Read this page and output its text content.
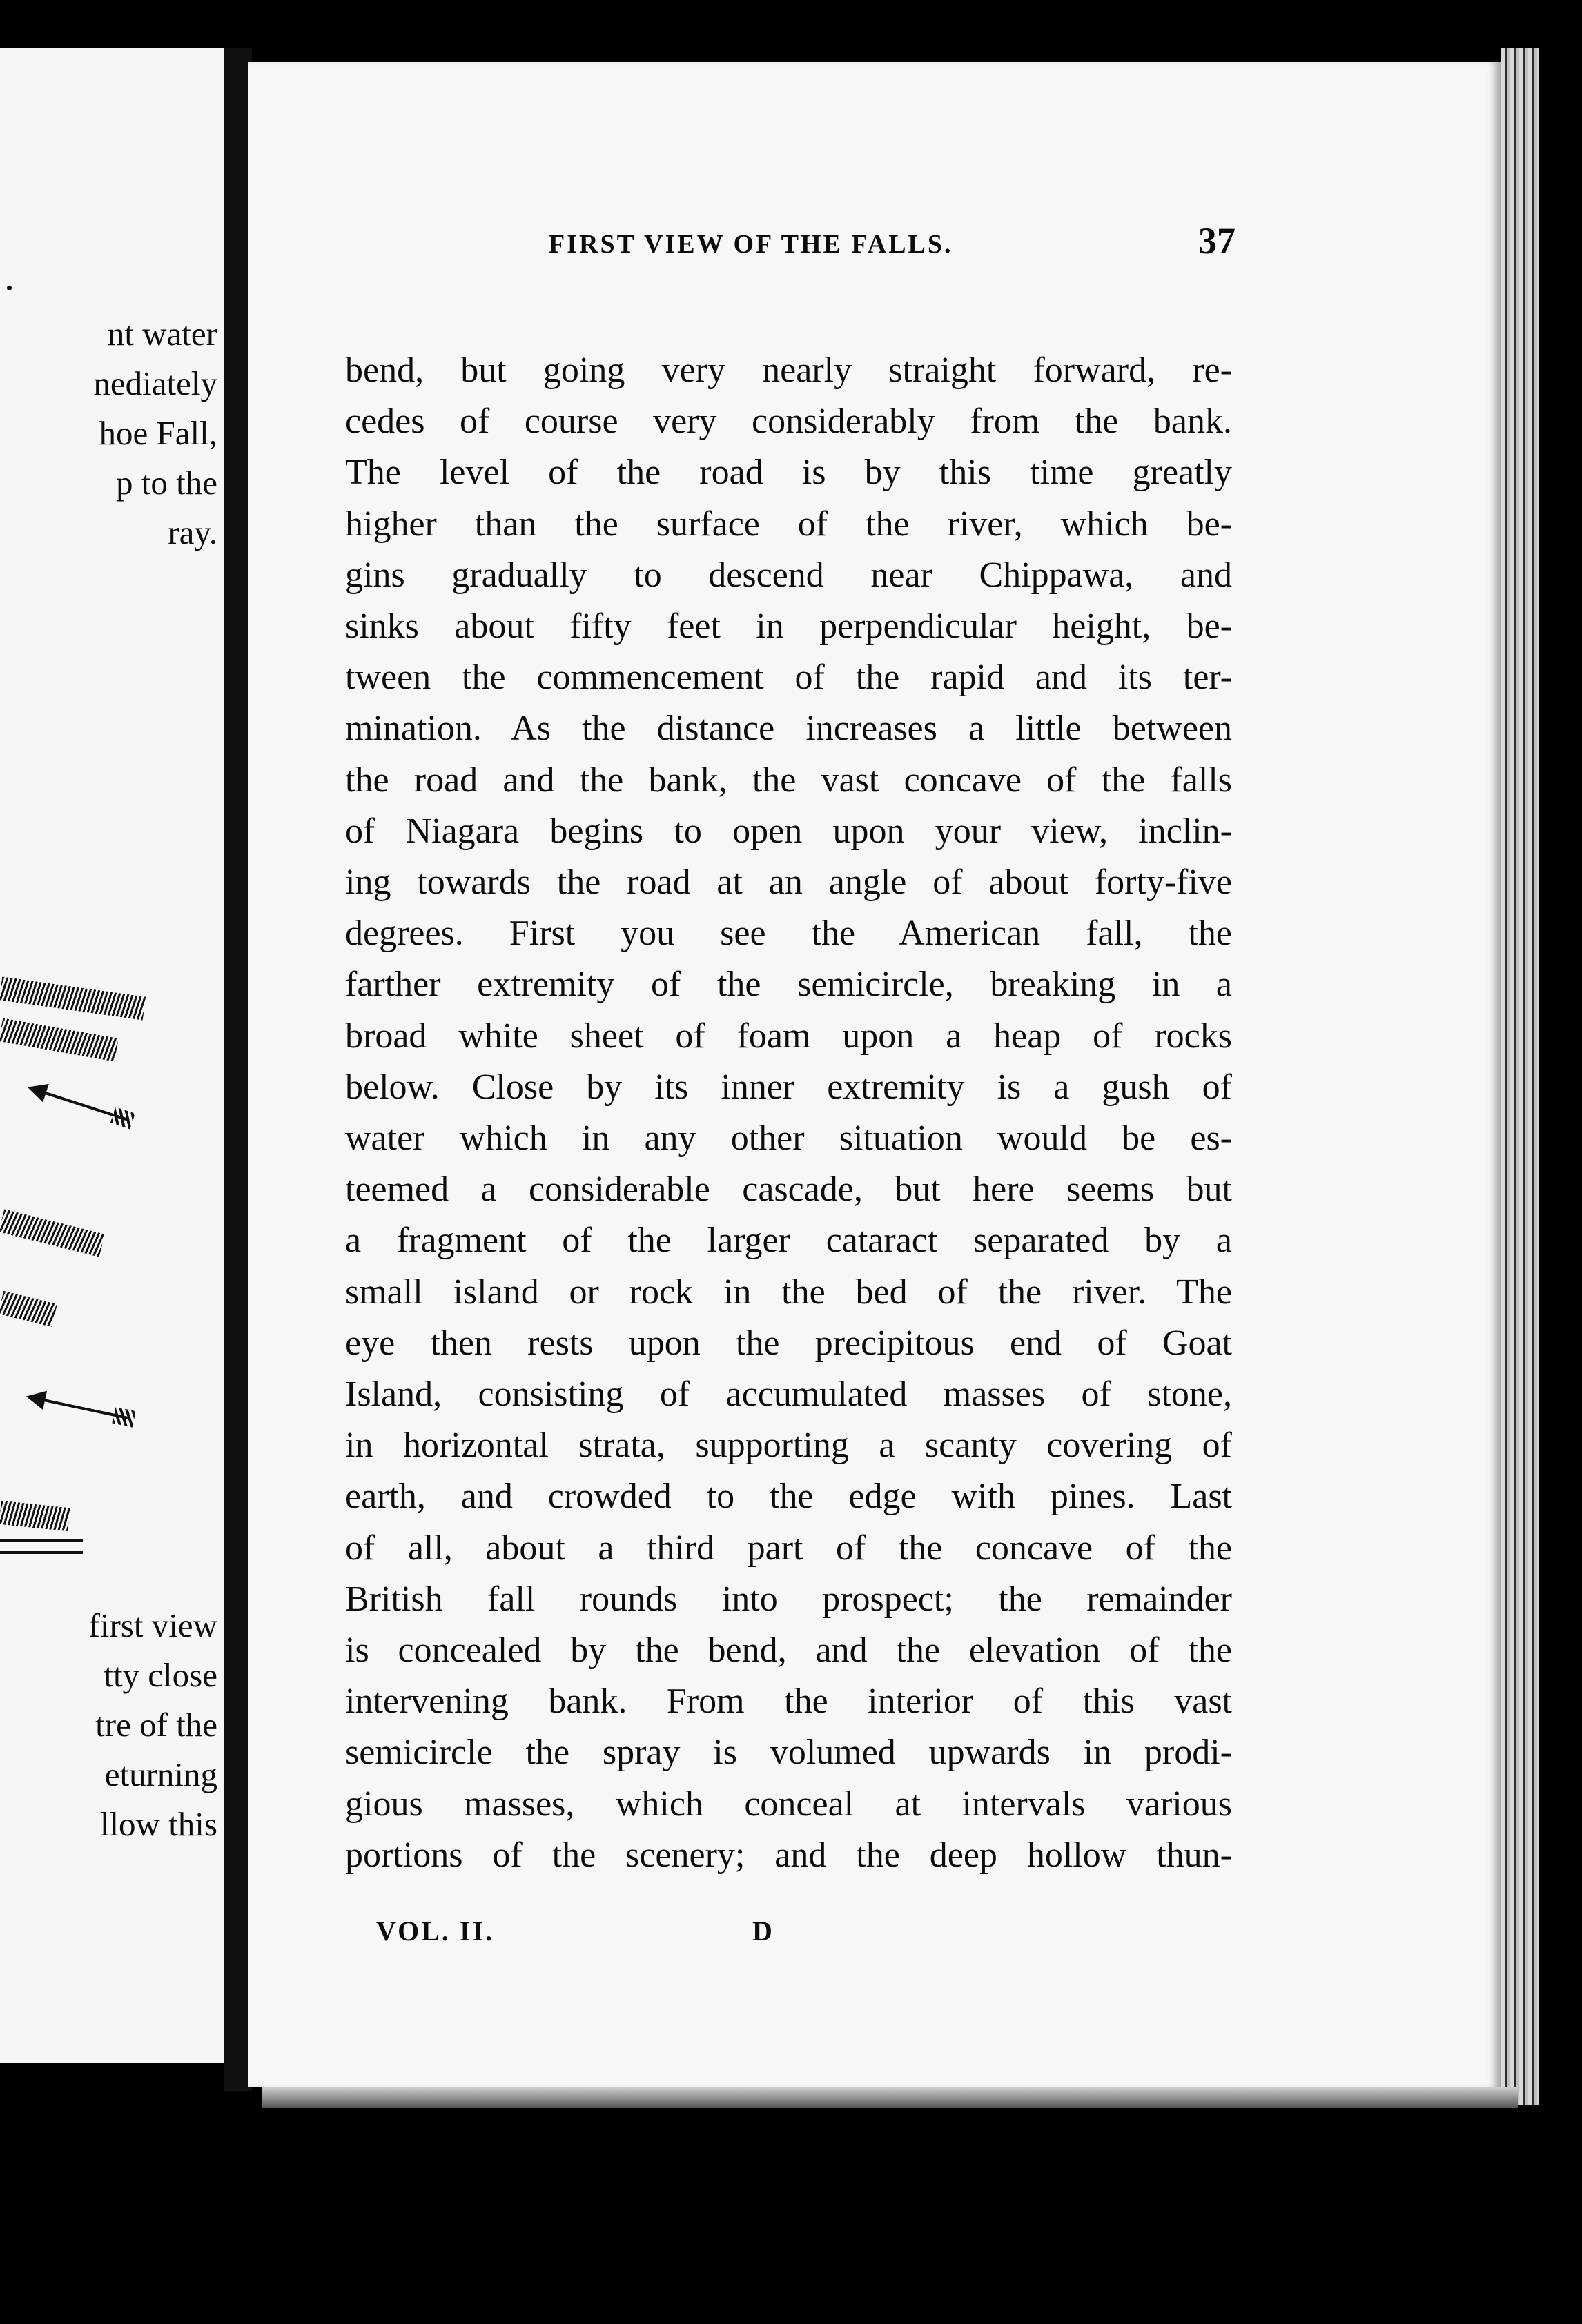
.
nt water
nediately
hoe Fall,
p to the
ray.
first view
tty close
tre of the
eturning
llow this
FIRST VIEW OF THE FALLS.	37
bend, but going very nearly straight forward, re-
cedes of course very considerably from the bank.
The level of the road is by this time greatly
higher than the surface of the river, which be-
gins gradually to descend near Chippawa, and
sinks about fifty feet in perpendicular height, be-
tween the commencement of the rapid and its ter-
mination. As the distance increases a little between
the road and the bank, the vast concave of the falls
of Niagara begins to open upon your view, inclin-
ing towards the road at an angle of about forty-five
degrees. First you see the American fall, the
farther extremity of the semicircle, breaking in a
broad white sheet of foam upon a heap of rocks
below. Close by its inner extremity is a gush of
water which in any other situation would be es-
teemed a considerable cascade, but here seems but
a fragment of the larger cataract separated by a
small island or rock in the bed of the river. The
eye then rests upon the precipitous end of Goat
Island, consisting of accumulated masses of stone,
in horizontal strata, supporting a scanty covering of
earth, and crowded to the edge with pines. Last
of all, about a third part of the concave of the
British fall rounds into prospect; the remainder
is concealed by the bend, and the elevation of the
intervening bank. From the interior of this vast
semicircle the spray is volumed upwards in prodi-
gious masses, which conceal at intervals various
portions of the scenery; and the deep hollow thun-
VOL. II.	D
